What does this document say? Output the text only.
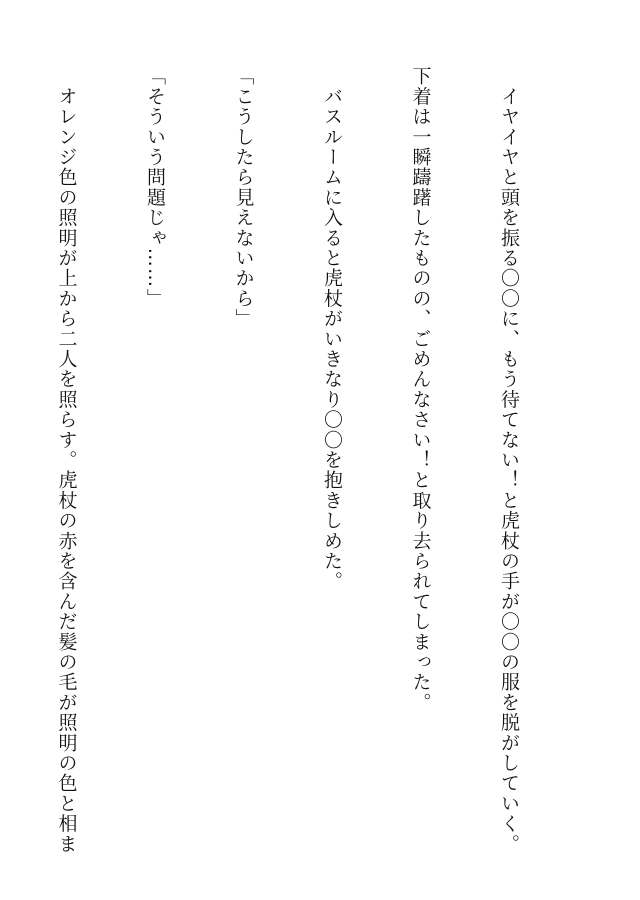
　イヤイヤと頭を振る〇〇に、もう待てない！と虎杖の手が〇〇の服を脱がしていく。

下着は一瞬躊躇したものの、ごめんなさい！と取り去られてしまった。

　バスルームに入ると虎杖がいきなり〇〇を抱きしめた。

「こうしたら見えないから」

「そういう問題じゃ……」

　オレンジ色の照明が上から二人を照らす。虎杖の赤を含んだ髪の毛が照明の色と相ま
